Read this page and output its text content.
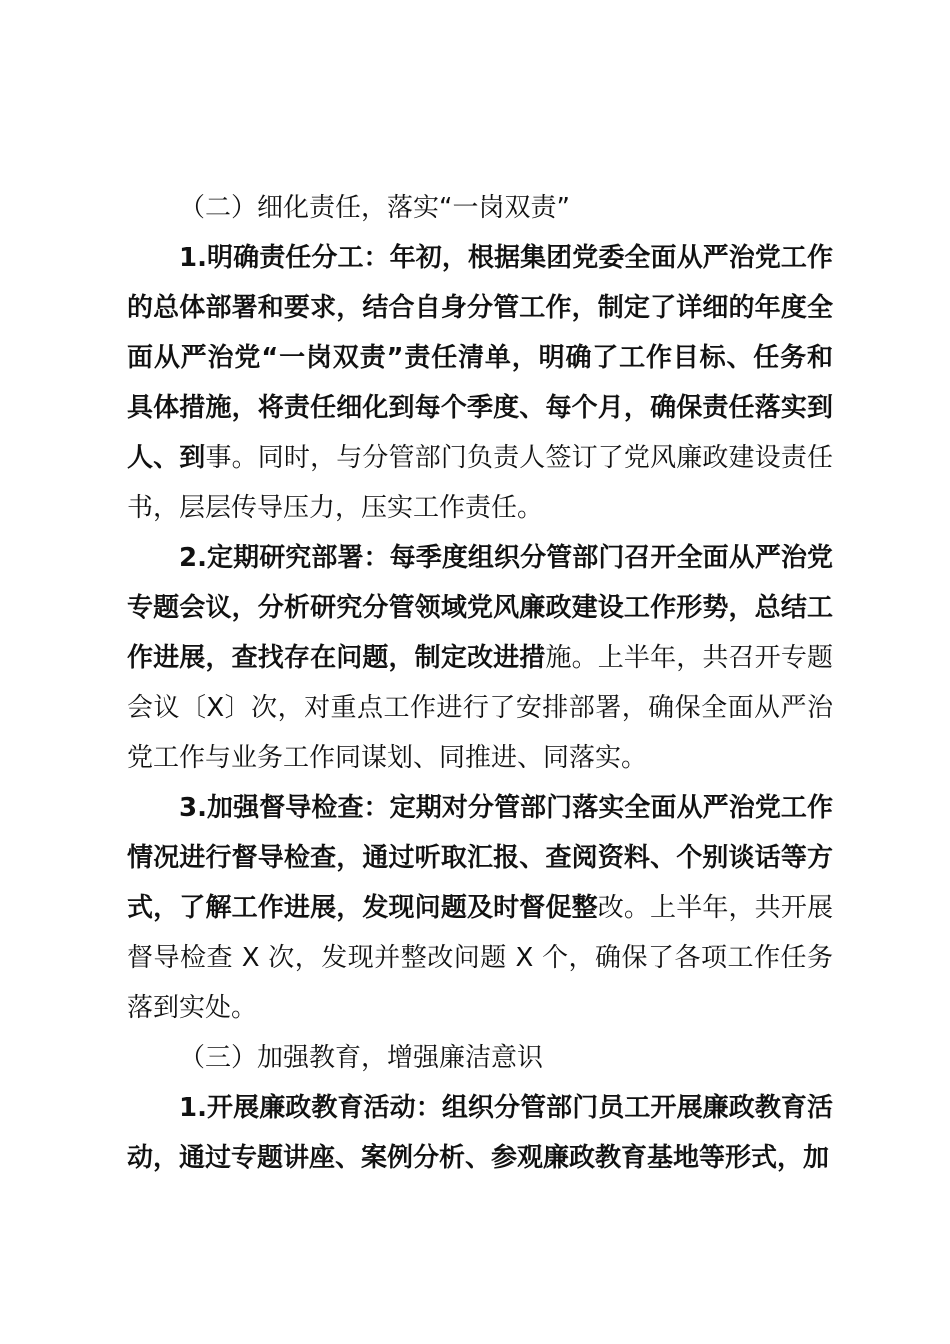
（二）细化责任，落实“一岗双责”

1.明确责任分工：年初，根据集团党委全面从严治党工作的总体部署和要求，结合自身分管工作，制定了详细的年度全面从严治党“一岗双责”责任清单，明确了工作目标、任务和具体措施，将责任细化到每个季度、每个月，确保责任落实到人、到事。同时，与分管部门负责人签订了党风廉政建设责任书，层层传导压力，压实工作责任。

2.定期研究部署：每季度组织分管部门召开全面从严治党专题会议，分析研究分管领域党风廉政建设工作形势，总结工作进展，查找存在问题，制定改进措施。上半年，共召开专题会议〔X〕次，对重点工作进行了安排部署，确保全面从严治党工作与业务工作同谋划、同推进、同落实。

3.加强督导检查：定期对分管部门落实全面从严治党工作情况进行督导检查，通过听取汇报、查阅资料、个别谈话等方式，了解工作进展，发现问题及时督促整改。上半年，共开展督导检查 X 次，发现并整改问题 X 个，确保了各项工作任务落到实处。

（三）加强教育，增强廉洁意识

1.开展廉政教育活动：组织分管部门员工开展廉政教育活动，通过专题讲座、案例分析、参观廉政教育基地等形式，加
